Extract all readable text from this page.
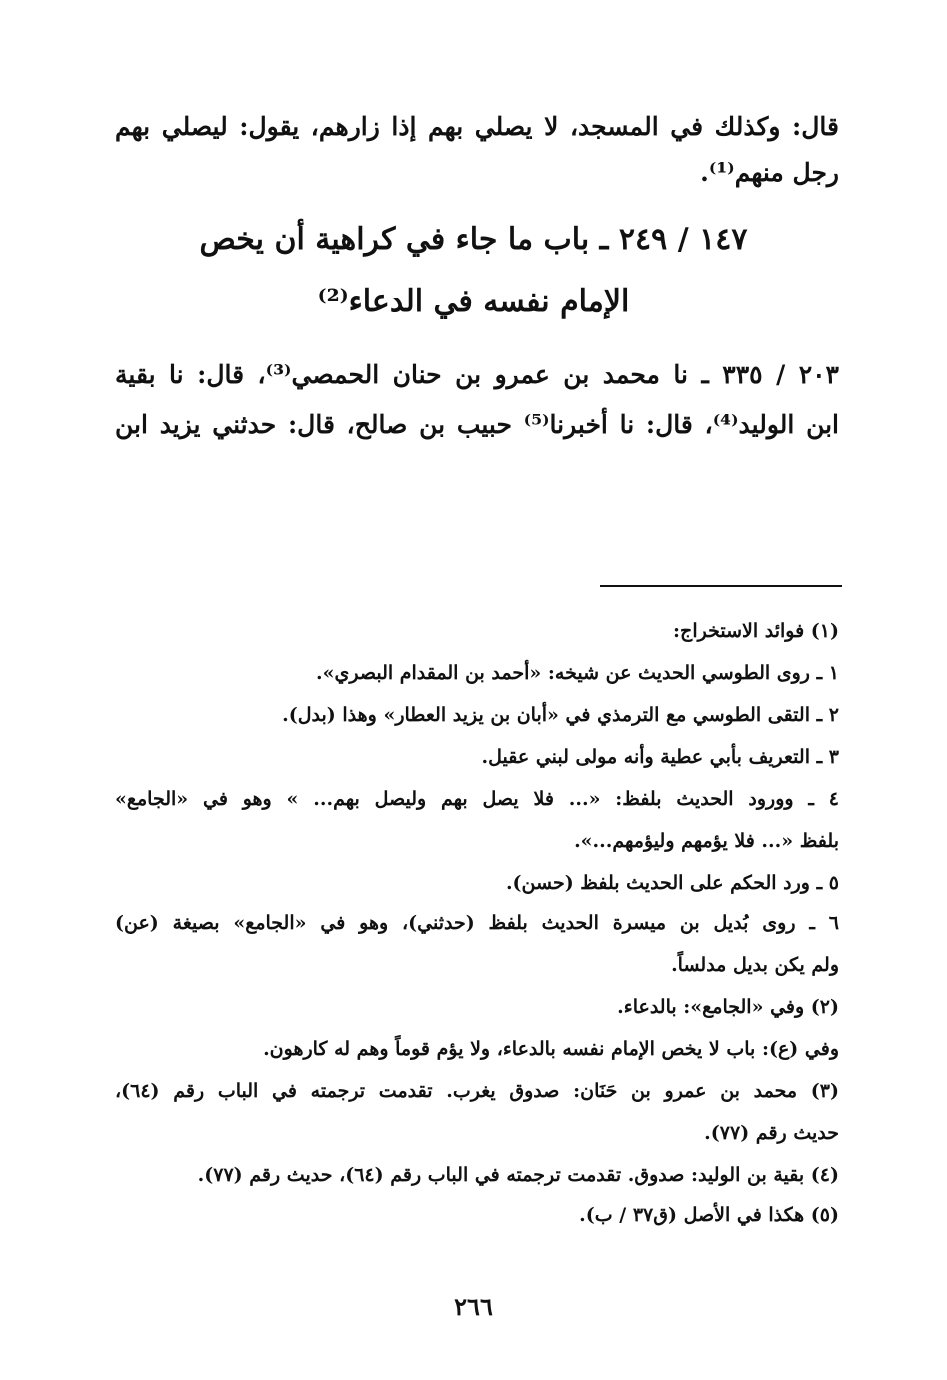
قال: وكذلك في المسجد، لا يصلي بهم إذا زارهم، يقول: ليصلي بهم
رجل منهم⁽¹⁾.
١٤٧ / ٢٤٩ ـ باب ما جاء في كراهية أن يخص
الإمام نفسه في الدعاء⁽²⁾
٢٠٣ / ٣٣٥ ـ نا محمد بن عمرو بن حنان الحمصي⁽³⁾، قال: نا بقية
ابن الوليد⁽⁴⁾، قال: نا أخبرنا⁽⁵⁾ حبيب بن صالح، قال: حدثني يزيد ابن
(١) فوائد الاستخراج:
١ ـ روى الطوسي الحديث عن شيخه: «أحمد بن المقدام البصري».
٢ ـ التقى الطوسي مع الترمذي في «أبان بن يزيد العطار» وهذا (بدل).
٣ ـ التعريف بأبي عطية وأنه مولى لبني عقيل.
٤ ـ وورود الحديث بلفظ: «... فلا يصل بهم وليصل بهم... » وهو في «الجامع»
بلفظ «... فلا يؤمهم وليؤمهم...».
٥ ـ ورد الحكم على الحديث بلفظ (حسن).
٦ ـ روى بُديل بن ميسرة الحديث بلفظ (حدثني)، وهو في «الجامع» بصيغة (عن)
ولم يكن بديل مدلساً.
(٢) وفي «الجامع»: بالدعاء.
وفي (ع): باب لا يخص الإمام نفسه بالدعاء، ولا يؤم قوماً وهم له كارهون.
(٣) محمد بن عمرو بن حَنَان: صدوق يغرب. تقدمت ترجمته في الباب رقم (٦٤)،
حديث رقم (٧٧).
(٤) بقية بن الوليد: صدوق. تقدمت ترجمته في الباب رقم (٦٤)، حديث رقم (٧٧).
(٥) هكذا في الأصل (ق٣٧ / ب).
٢٦٦
